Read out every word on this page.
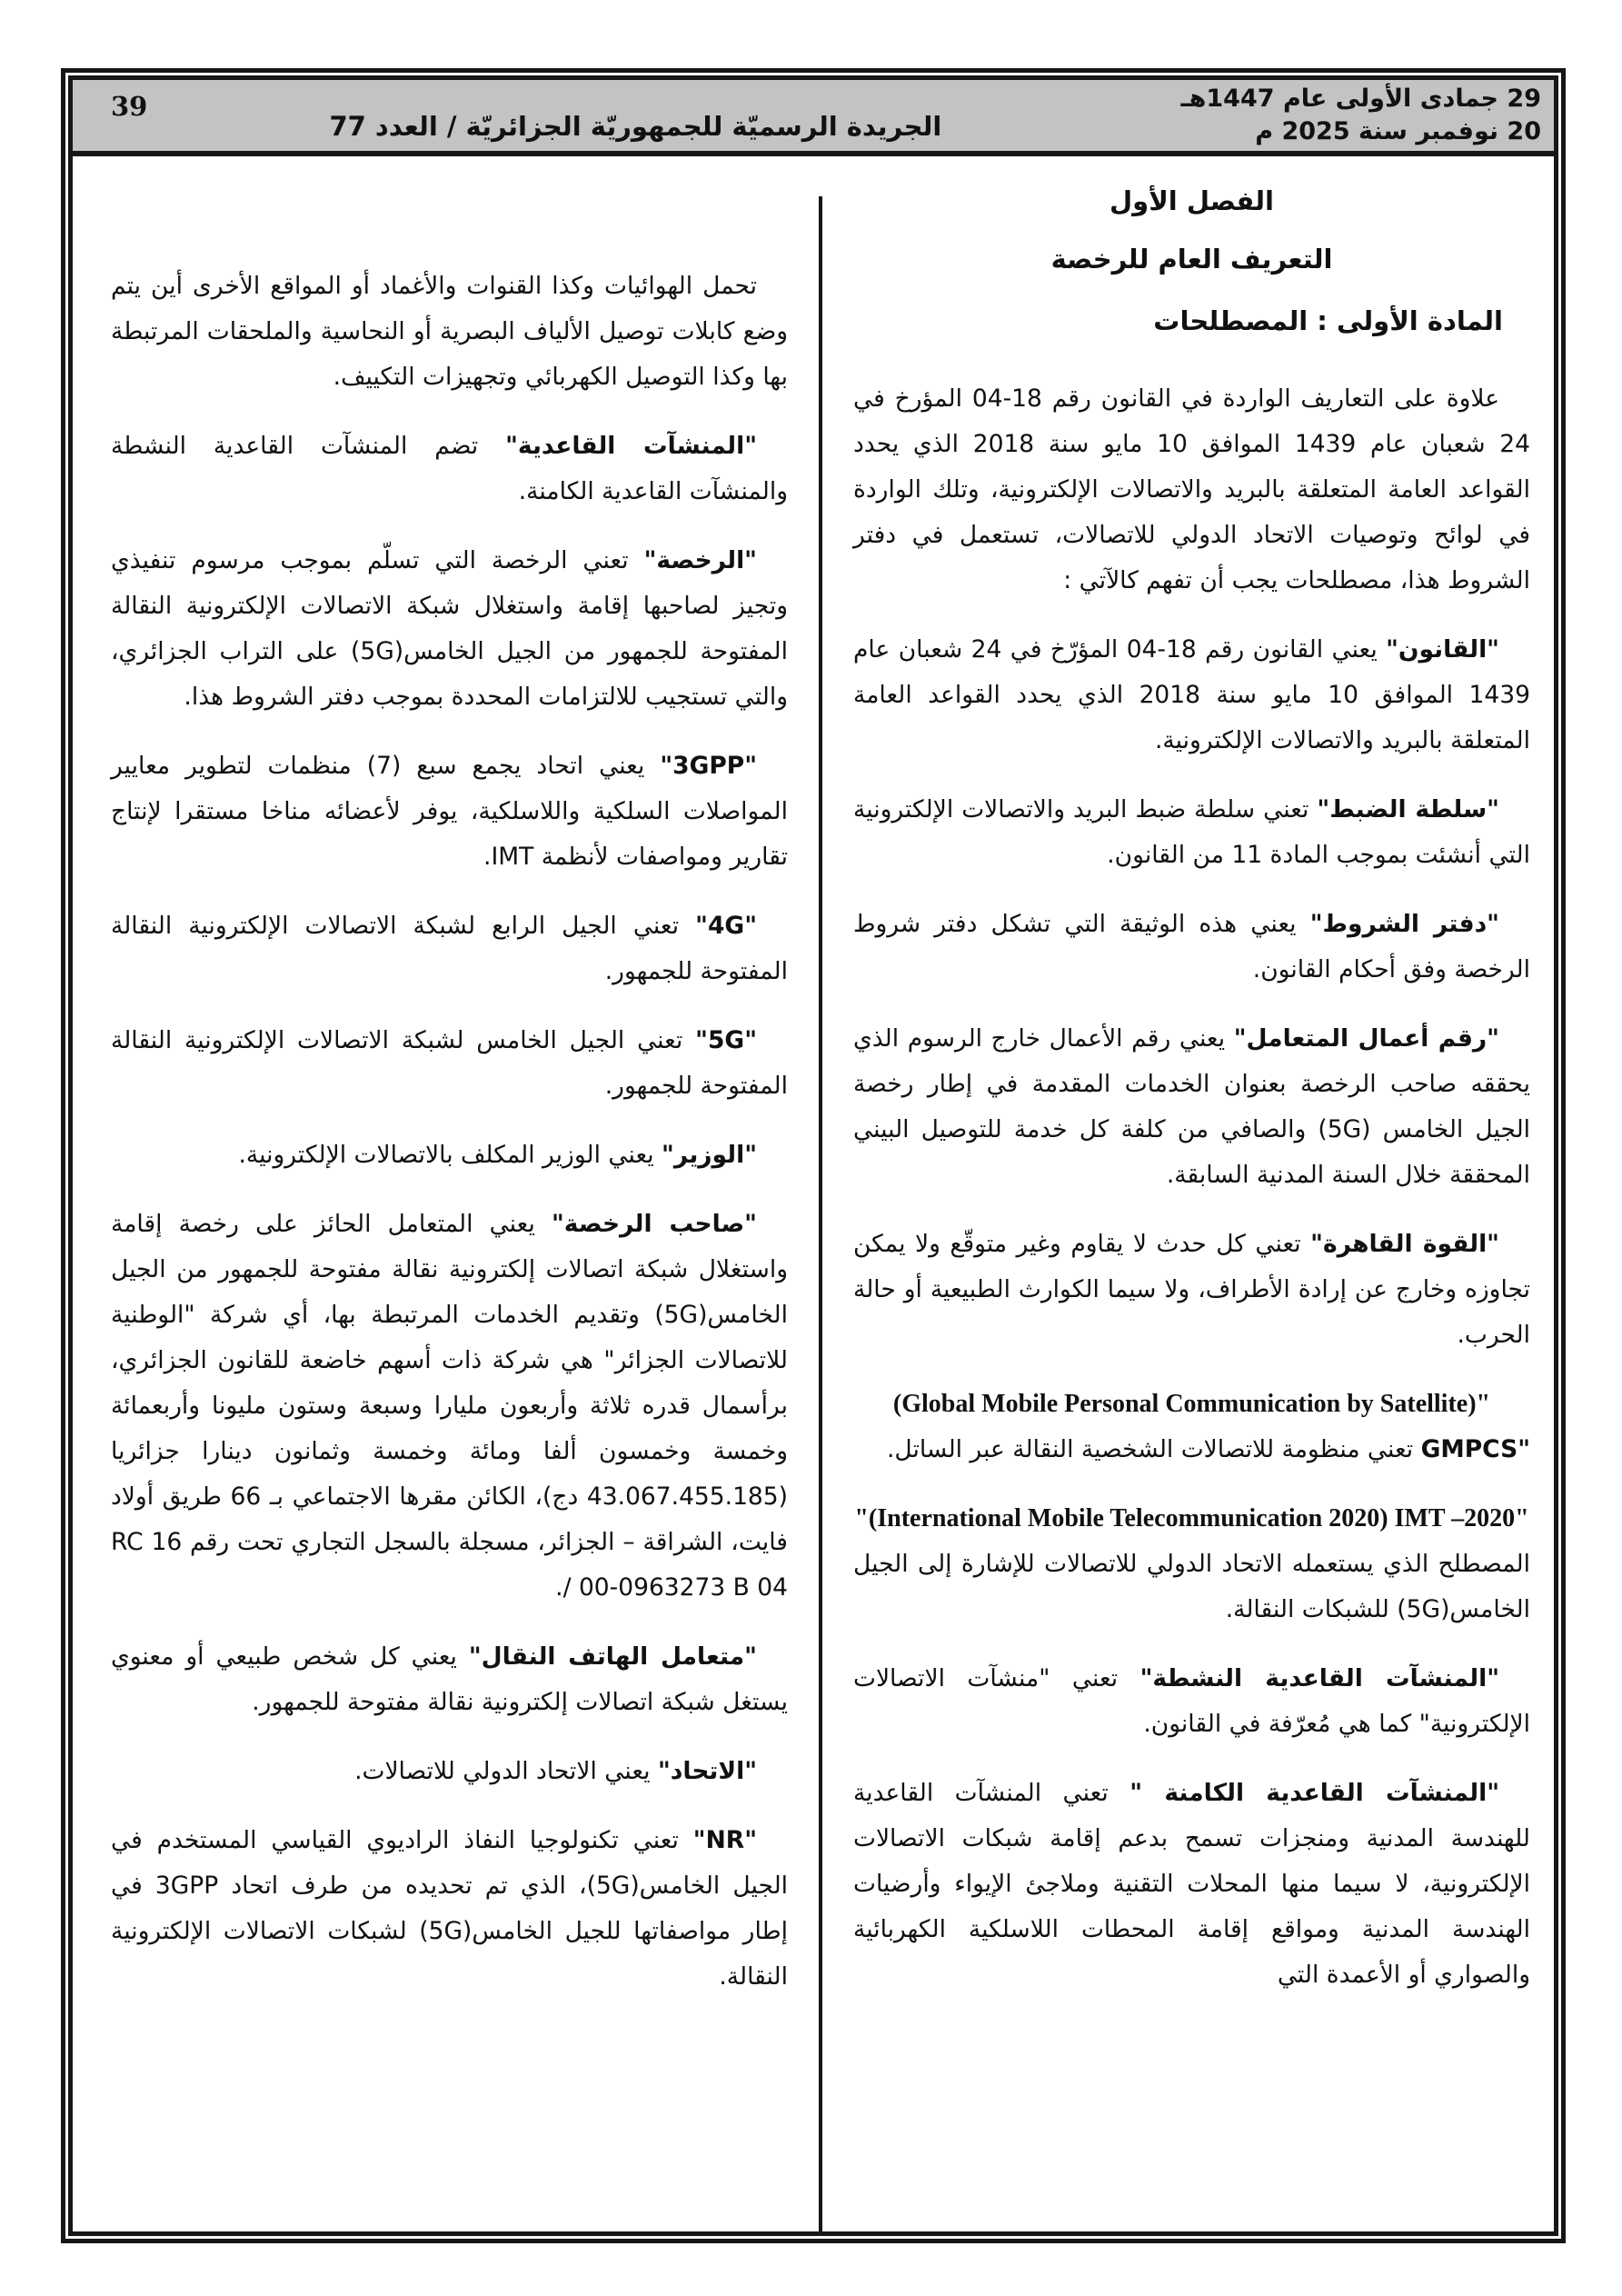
29 جمادى الأولى عام 1447هـ
20 نوفمبر سنة 2025 م
الجريدة الرسميّة للجمهوريّة الجزائريّة / العدد 77
39
الفصل الأول
التعريف العام للرخصة
المادة الأولى : المصطلحات

علاوة على التعاريف الواردة في القانون رقم 18-04 المؤرخ في 24 شعبان عام 1439 الموافق 10 مايو سنة 2018 الذي يحدد القواعد العامة المتعلقة بالبريد والاتصالات الإلكترونية، وتلك الواردة في لوائح وتوصيات الاتحاد الدولي للاتصالات، تستعمل في دفتر الشروط هذا، مصطلحات يجب أن تفهم كالآتي :

"القانون" يعني القانون رقم 18-04 المؤرّخ في 24 شعبان عام 1439 الموافق 10 مايو سنة 2018 الذي يحدد القواعد العامة المتعلقة بالبريد والاتصالات الإلكترونية.

"سلطة الضبط" تعني سلطة ضبط البريد والاتصالات الإلكترونية التي أنشئت بموجب المادة 11 من القانون.

"دفتر الشروط" يعني هذه الوثيقة التي تشكل دفتر شروط الرخصة وفق أحكام القانون.

"رقم أعمال المتعامل" يعني رقم الأعمال خارج الرسوم الذي يحققه صاحب الرخصة بعنوان الخدمات المقدمة في إطار رخصة الجيل الخامس (5G) والصافي من كلفة كل خدمة للتوصيل البيني المحققة خلال السنة المدنية السابقة.

"القوة القاهرة" تعني كل حدث لا يقاوم وغير متوقّع ولا يمكن تجاوزه وخارج عن إرادة الأطراف، ولا سيما الكوارث الطبيعية أو حالة الحرب.

(Global Mobile Personal Communication by Satellite)"
"GMPCS تعني منظومة للاتصالات الشخصية النقالة عبر الساتل.

"(International Mobile Telecommunication 2020) IMT –2020"
المصطلح الذي يستعمله الاتحاد الدولي للاتصالات للإشارة إلى الجيل الخامس(5G) للشبكات النقالة.

"المنشآت القاعدية النشطة" تعني "منشآت الاتصالات الإلكترونية" كما هي مُعرّفة في القانون.

"المنشآت القاعدية الكامنة " تعني المنشآت القاعدية للهندسة المدنية ومنجزات تسمح بدعم إقامة شبكات الاتصالات الإلكترونية، لا سيما منها المحلات التقنية وملاجئ الإيواء وأرضيات الهندسة المدنية ومواقع إقامة المحطات اللاسلكية الكهربائية والصواري أو الأعمدة التي

تحمل الهوائيات وكذا القنوات والأغماد أو المواقع الأخرى أين يتم وضع كابلات توصيل الألياف البصرية أو النحاسية والملحقات المرتبطة بها وكذا التوصيل الكهربائي وتجهيزات التكييف.

"المنشآت القاعدية" تضم المنشآت القاعدية النشطة والمنشآت القاعدية الكامنة.

"الرخصة" تعني الرخصة التي تسلّم بموجب مرسوم تنفيذي وتجيز لصاحبها إقامة واستغلال شبكة الاتصالات الإلكترونية النقالة المفتوحة للجمهور من الجيل الخامس(5G) على التراب الجزائري، والتي تستجيب للالتزامات المحددة بموجب دفتر الشروط هذا.

"3GPP" يعني اتحاد يجمع سبع (7) منظمات لتطوير معايير المواصلات السلكية واللاسلكية، يوفر لأعضائه مناخا مستقرا لإنتاج تقارير ومواصفات لأنظمة IMT.

"4G" تعني الجيل الرابع لشبكة الاتصالات الإلكترونية النقالة المفتوحة للجمهور.

"5G" تعني الجيل الخامس لشبكة الاتصالات الإلكترونية النقالة المفتوحة للجمهور.

"الوزير" يعني الوزير المكلف بالاتصالات الإلكترونية.

"صاحب الرخصة" يعني المتعامل الحائز على رخصة إقامة واستغلال شبكة اتصالات إلكترونية نقالة مفتوحة للجمهور من الجيل الخامس(5G) وتقديم الخدمات المرتبطة بها، أي شركة "الوطنية للاتصالات الجزائر" هي شركة ذات أسهم خاضعة للقانون الجزائري، برأسمال قدره ثلاثة وأربعون مليارا وسبعة وستون مليونا وأربعمائة وخمسة وخمسون ألفا ومائة وخمسة وثمانون دينارا جزائريا (43.067.455.185 دج)، الكائن مقرها الاجتماعي بـ 66 طريق أولاد فايت، الشراقة – الجزائر، مسجلة بالسجل التجاري تحت رقم RC 16 / 00-0963273 B 04.

"متعامل الهاتف النقال" يعني كل شخص طبيعي أو معنوي يستغل شبكة اتصالات إلكترونية نقالة مفتوحة للجمهور.

"الاتحاد" يعني الاتحاد الدولي للاتصالات.

"NR" تعني تكنولوجيا النفاذ الراديوي القياسي المستخدم في الجيل الخامس(5G)، الذي تم تحديده من طرف اتحاد 3GPP في إطار مواصفاتها للجيل الخامس(5G) لشبكات الاتصالات الإلكترونية النقالة.
